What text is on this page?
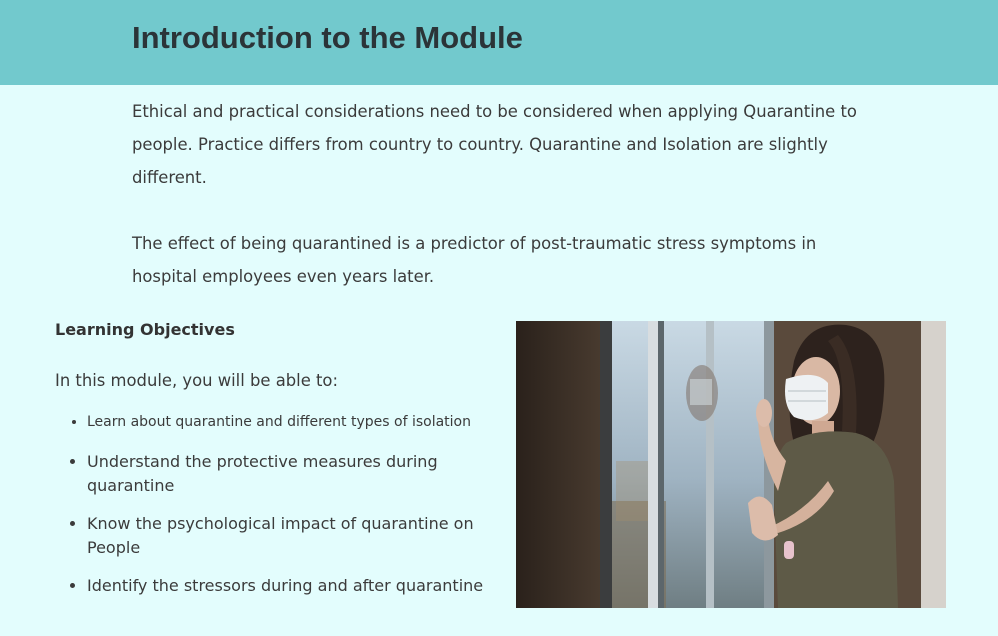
Introduction to the Module

Ethical and practical considerations need to be considered when applying Quarantine to people. Practice differs from country to country. Quarantine and Isolation are slightly different.

The effect of being quarantined is a predictor of post-traumatic stress symptoms in hospital employees even years later.

Learning Objectives

In this module, you will be able to:

• Learn about quarantine and different types of isolation
• Understand the protective measures during quarantine
• Know the psychological impact of quarantine on People
• Identify the stressors during and after quarantine
